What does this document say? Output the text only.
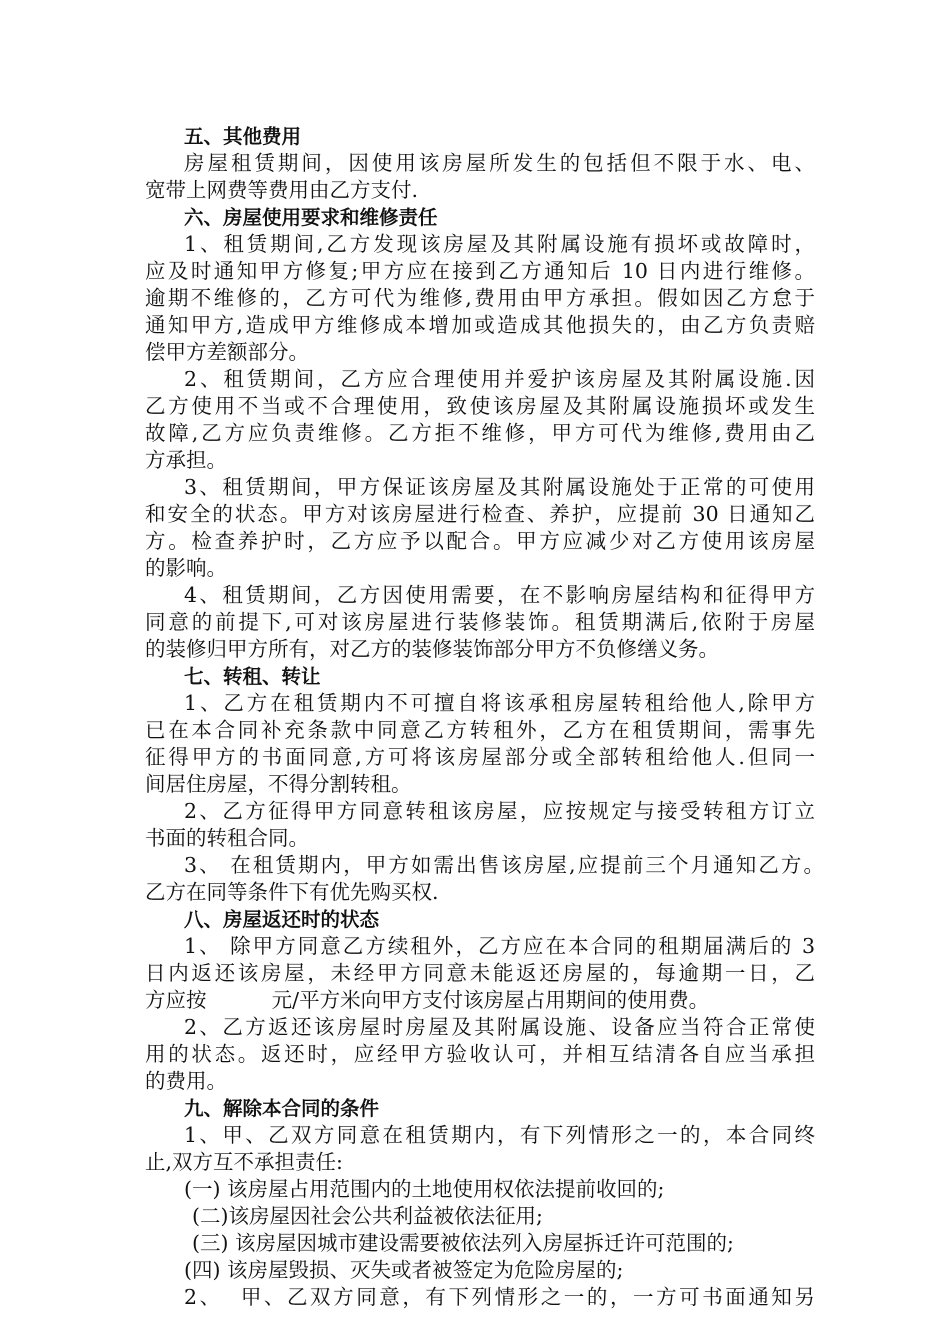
五、其他费用
房屋租赁期间，因使用该房屋所发生的包括但不限于水、电、
宽带上网费等费用由乙方支付.
六、房屋使用要求和维修责任
1、租赁期间,乙方发现该房屋及其附属设施有损坏或故障时，
应及时通知甲方修复;甲方应在接到乙方通知后 10 日内进行维修。
逾期不维修的，乙方可代为维修,费用由甲方承担。假如因乙方怠于
通知甲方,造成甲方维修成本增加或造成其他损失的，由乙方负责赔
偿甲方差额部分。
2、租赁期间，乙方应合理使用并爱护该房屋及其附属设施.因
乙方使用不当或不合理使用，致使该房屋及其附属设施损坏或发生
故障,乙方应负责维修。乙方拒不维修，甲方可代为维修,费用由乙
方承担。
3、租赁期间，甲方保证该房屋及其附属设施处于正常的可使用
和安全的状态。甲方对该房屋进行检查、养护，应提前 30 日通知乙
方。检查养护时，乙方应予以配合。甲方应减少对乙方使用该房屋
的影响。
4、租赁期间，乙方因使用需要，在不影响房屋结构和征得甲方
同意的前提下,可对该房屋进行装修装饰。租赁期满后,依附于房屋
的装修归甲方所有，对乙方的装修装饰部分甲方不负修缮义务。
七、转租、转让
1、乙方在租赁期内不可擅自将该承租房屋转租给他人,除甲方
已在本合同补充条款中同意乙方转租外，乙方在租赁期间，需事先
征得甲方的书面同意,方可将该房屋部分或全部转租给他人.但同一
间居住房屋，不得分割转租。
2、乙方征得甲方同意转租该房屋，应按规定与接受转租方订立
书面的转租合同。
3、 在租赁期内，甲方如需出售该房屋,应提前三个月通知乙方。
乙方在同等条件下有优先购买权.
八、房屋返还时的状态
1、 除甲方同意乙方续租外，乙方应在本合同的租期届满后的 3
日内返还该房屋，未经甲方同意未能返还房屋的，每逾期一日，乙
方应按          元/平方米向甲方支付该房屋占用期间的使用费。
2、乙方返还该房屋时房屋及其附属设施、设备应当符合正常使
用的状态。返还时，应经甲方验收认可，并相互结清各自应当承担
的费用。
九、解除本合同的条件
1、甲、乙双方同意在租赁期内，有下列情形之一的，本合同终
止,双方互不承担责任:
(一) 该房屋占用范围内的土地使用权依法提前收回的;
(二)该房屋因社会公共利益被依法征用;
(三) 该房屋因城市建设需要被依法列入房屋拆迁许可范围的;
(四) 该房屋毁损、灭失或者被签定为危险房屋的;
2、  甲、乙双方同意，有下列情形之一的，一方可书面通知另
